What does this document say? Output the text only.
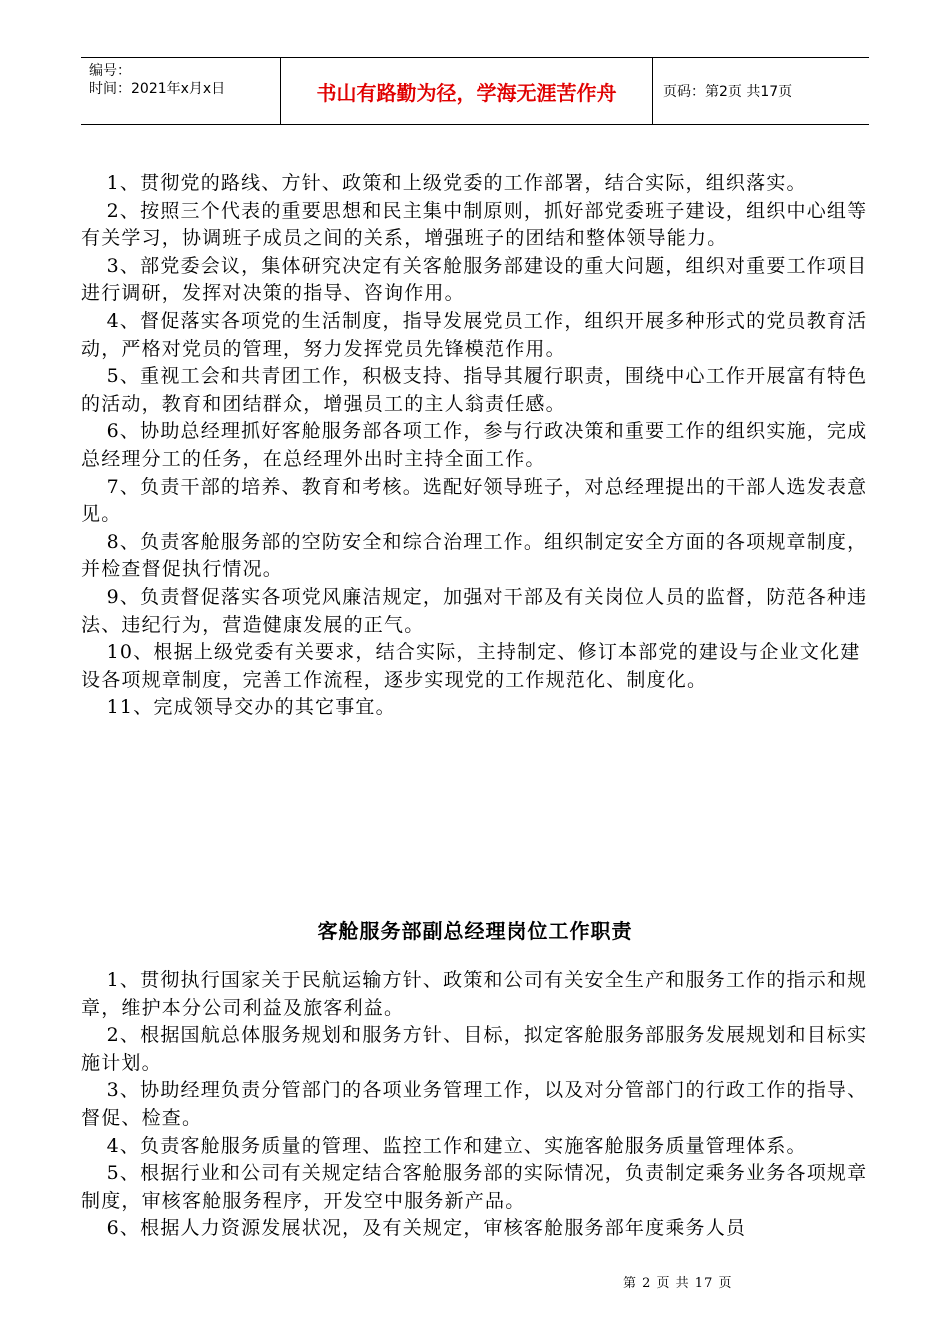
编号：
时间：2021年x月x日	书山有路勤为径，学海无涯苦作舟	页码：第2页 共17页

1、贯彻党的路线、方针、政策和上级党委的工作部署，结合实际，组织落实。

2、按照三个代表的重要思想和民主集中制原则，抓好部党委班子建设，组织中心组等有关学习，协调班子成员之间的关系，增强班子的团结和整体领导能力。

3、部党委会议，集体研究决定有关客舱服务部建设的重大问题，组织对重要工作项目进行调研，发挥对决策的指导、咨询作用。

4、督促落实各项党的生活制度，指导发展党员工作，组织开展多种形式的党员教育活动，严格对党员的管理，努力发挥党员先锋模范作用。

5、重视工会和共青团工作，积极支持、指导其履行职责，围绕中心工作开展富有特色的活动，教育和团结群众，增强员工的主人翁责任感。

6、协助总经理抓好客舱服务部各项工作，参与行政决策和重要工作的组织实施，完成总经理分工的任务，在总经理外出时主持全面工作。

7、负责干部的培养、教育和考核。选配好领导班子，对总经理提出的干部人选发表意见。

8、负责客舱服务部的空防安全和综合治理工作。组织制定安全方面的各项规章制度，并检查督促执行情况。

9、负责督促落实各项党风廉洁规定，加强对干部及有关岗位人员的监督，防范各种违法、违纪行为，营造健康发展的正气。

10、根据上级党委有关要求，结合实际，主持制定、修订本部党的建设与企业文化建设各项规章制度，完善工作流程，逐步实现党的工作规范化、制度化。

11、完成领导交办的其它事宜。

客舱服务部副总经理岗位工作职责

1、贯彻执行国家关于民航运输方针、政策和公司有关安全生产和服务工作的指示和规章，维护本分公司利益及旅客利益。

2、根据国航总体服务规划和服务方针、目标，拟定客舱服务部服务发展规划和目标实施计划。

3、协助经理负责分管部门的各项业务管理工作，以及对分管部门的行政工作的指导、督促、检查。

4、负责客舱服务质量的管理、监控工作和建立、实施客舱服务质量管理体系。

5、根据行业和公司有关规定结合客舱服务部的实际情况，负责制定乘务业务各项规章制度，审核客舱服务程序，开发空中服务新产品。

6、根据人力资源发展状况，及有关规定，审核客舱服务部年度乘务人员

第 2 页 共 17 页
